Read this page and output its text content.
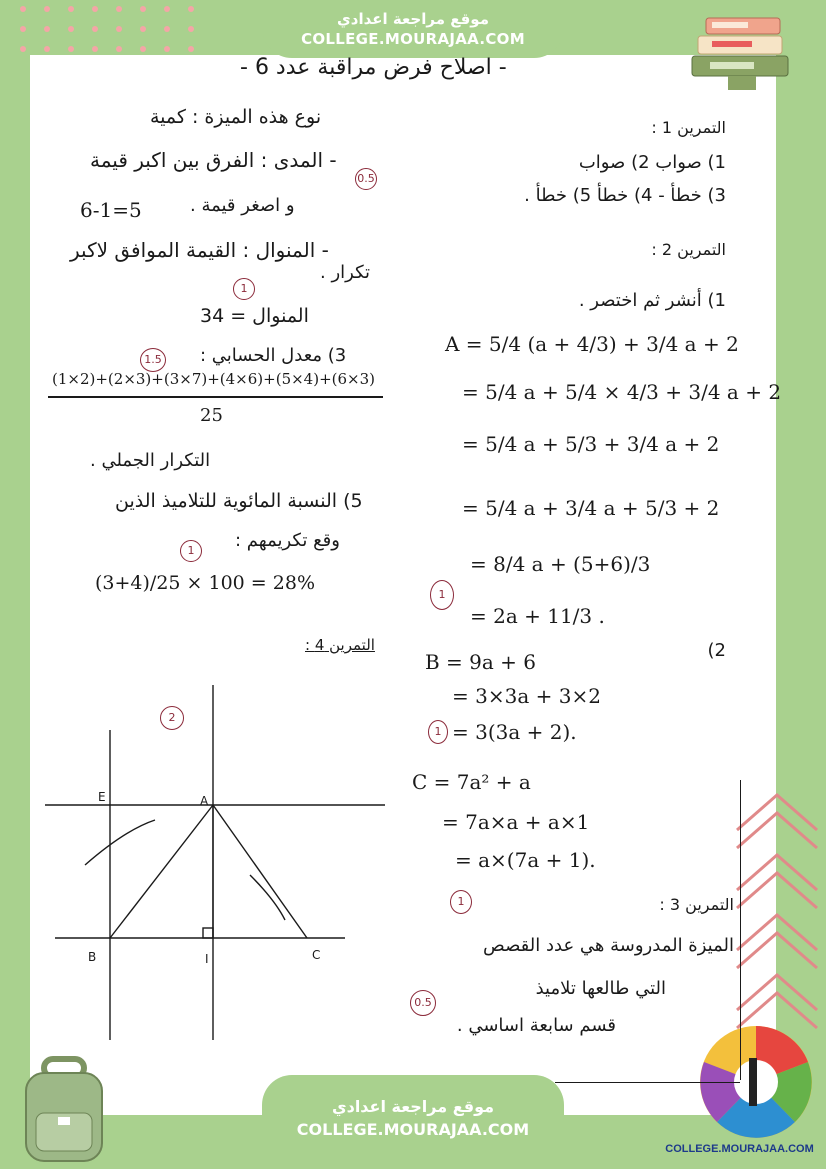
موقع مراجعة اعدادي
COLLEGE.MOURAJAA.COM
COLLEGE.MOURAJAA.COM
موقع مراجعة اعدادي
COLLEGE.MOURAJAA.COM
- اصلاح فرض مراقبة عدد 6 -
التمرين 1 :
1) صواب 2) صواب
3) خطأ - 4) خطأ 5) خطأ .
التمرين 2 :
1) أنشر ثم اختصر .
A = 5/4 (a + 4/3) + 3/4 a + 2
= 5/4 a + 5/4 × 4/3 + 3/4 a + 2
= 5/4 a + 5/3 + 3/4 a + 2
= 5/4 a + 3/4 a + 5/3 + 2
= 8/4 a + (5+6)/3
= 2a + 11/3 .
2)
B = 9a + 6
= 3×3a + 3×2
= 3(3a + 2).
C = 7a² + a
= 7a×a + a×1
= a×(7a + 1).
التمرين 3 :
الميزة المدروسة هي عدد القصص
التي طالعها تلاميذ
قسم سابعة اساسي .
نوع هذه الميزة : كمية
- المدى : الفرق بين اكبر قيمة
و اصغر قيمة .
6-1=5
- المنوال : القيمة الموافق لاكبر
تكرار .
المنوال = 34
3) معدل الحسابي :
(1×2)+(2×3)+(3×7)+(4×6)+(5×4)+(6×3)
25
التكرار الجملي .
5) النسبة المائوية للتلاميذ الذين
وقع تكريمهم :
(3+4)/25 × 100 = 28%
التمرين 4 :
0.5
1
1.5
1
1
1
1
2
0.5
E	A
B	I	C
